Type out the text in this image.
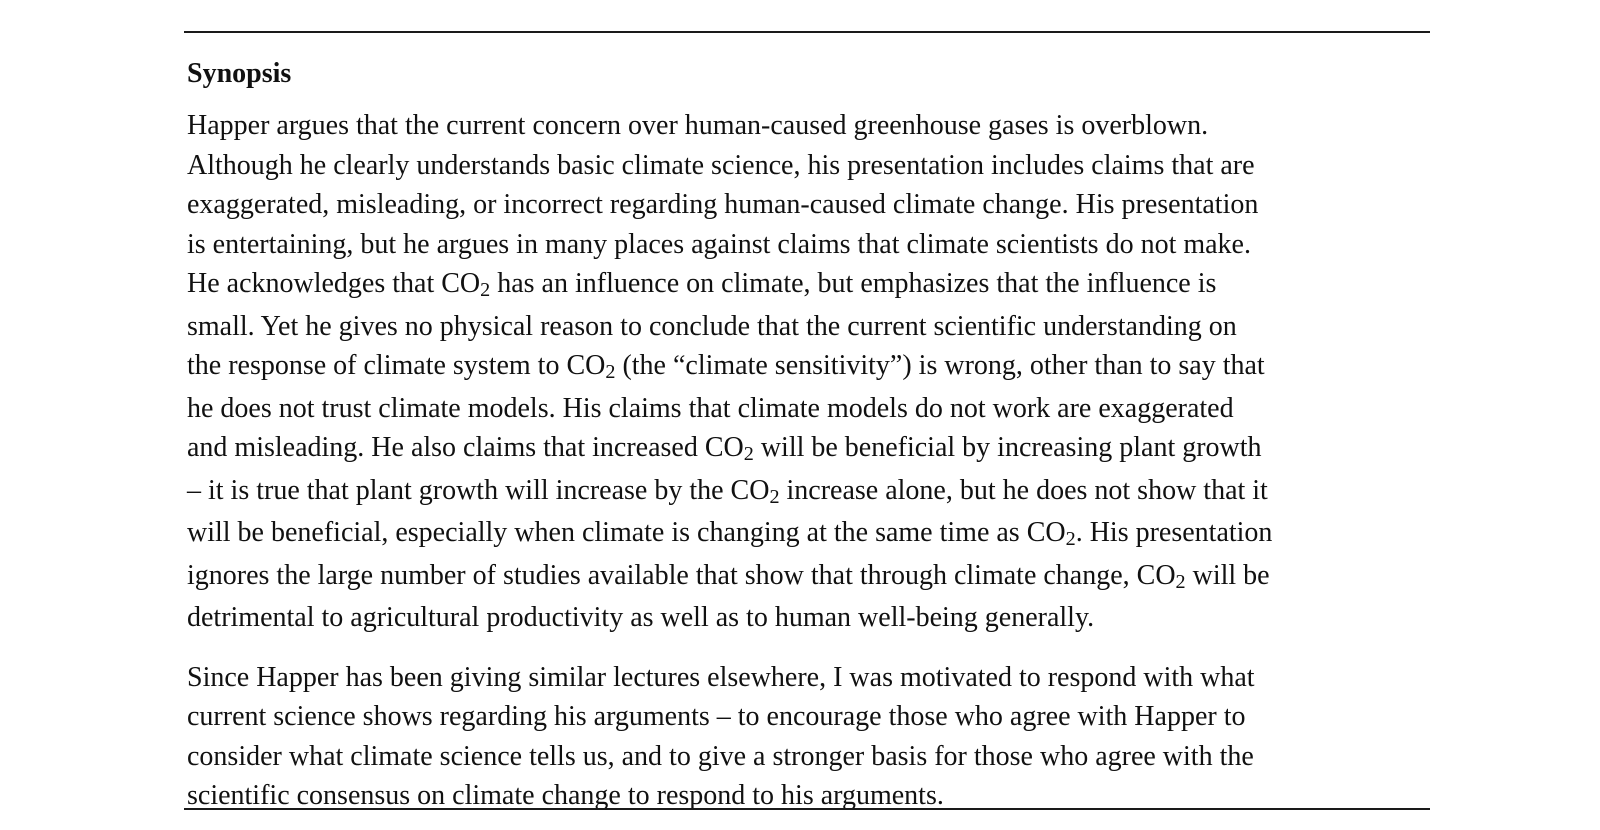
Synopsis

Happer argues that the current concern over human-caused greenhouse gases is overblown.
Although he clearly understands basic climate science, his presentation includes claims that are
exaggerated, misleading, or incorrect regarding human-caused climate change. His presentation
is entertaining, but he argues in many places against claims that climate scientists do not make.
He acknowledges that CO2 has an influence on climate, but emphasizes that the influence is
small. Yet he gives no physical reason to conclude that the current scientific understanding on
the response of climate system to CO2 (the “climate sensitivity”) is wrong, other than to say that
he does not trust climate models. His claims that climate models do not work are exaggerated
and misleading. He also claims that increased CO2 will be beneficial by increasing plant growth
– it is true that plant growth will increase by the CO2 increase alone, but he does not show that it
will be beneficial, especially when climate is changing at the same time as CO2. His presentation
ignores the large number of studies available that show that through climate change, CO2 will be
detrimental to agricultural productivity as well as to human well-being generally.

Since Happer has been giving similar lectures elsewhere, I was motivated to respond with what
current science shows regarding his arguments – to encourage those who agree with Happer to
consider what climate science tells us, and to give a stronger basis for those who agree with the
scientific consensus on climate change to respond to his arguments.
